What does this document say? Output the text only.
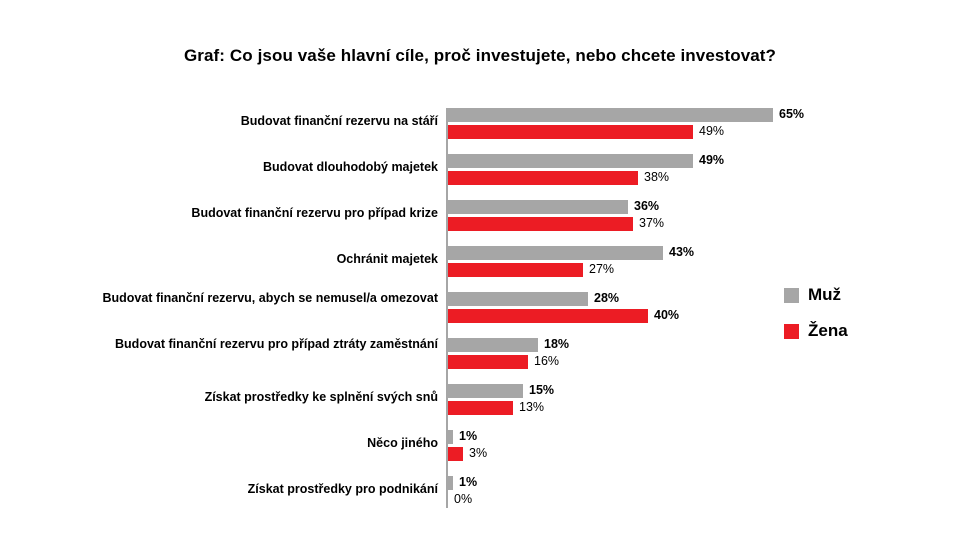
Graf: Co jsou vaše hlavní cíle, proč investujete, nebo chcete investovat?
Budovat finanční rezervu na stáří	65%
49%
Budovat dlouhodobý majetek	49%
38%
Budovat finanční rezervu pro případ krize	36%
37%
Ochránit majetek	43%
27%
Budovat finanční rezervu, abych se nemusel/a omezovat	28%
40%
Budovat finanční rezervu pro případ ztráty zaměstnání	18%
16%
Získat prostředky ke splnění svých snů	15%
13%
Něco jiného 1%
3%
Získat prostředky pro podnikání 1%
0%
Muž
Žena
